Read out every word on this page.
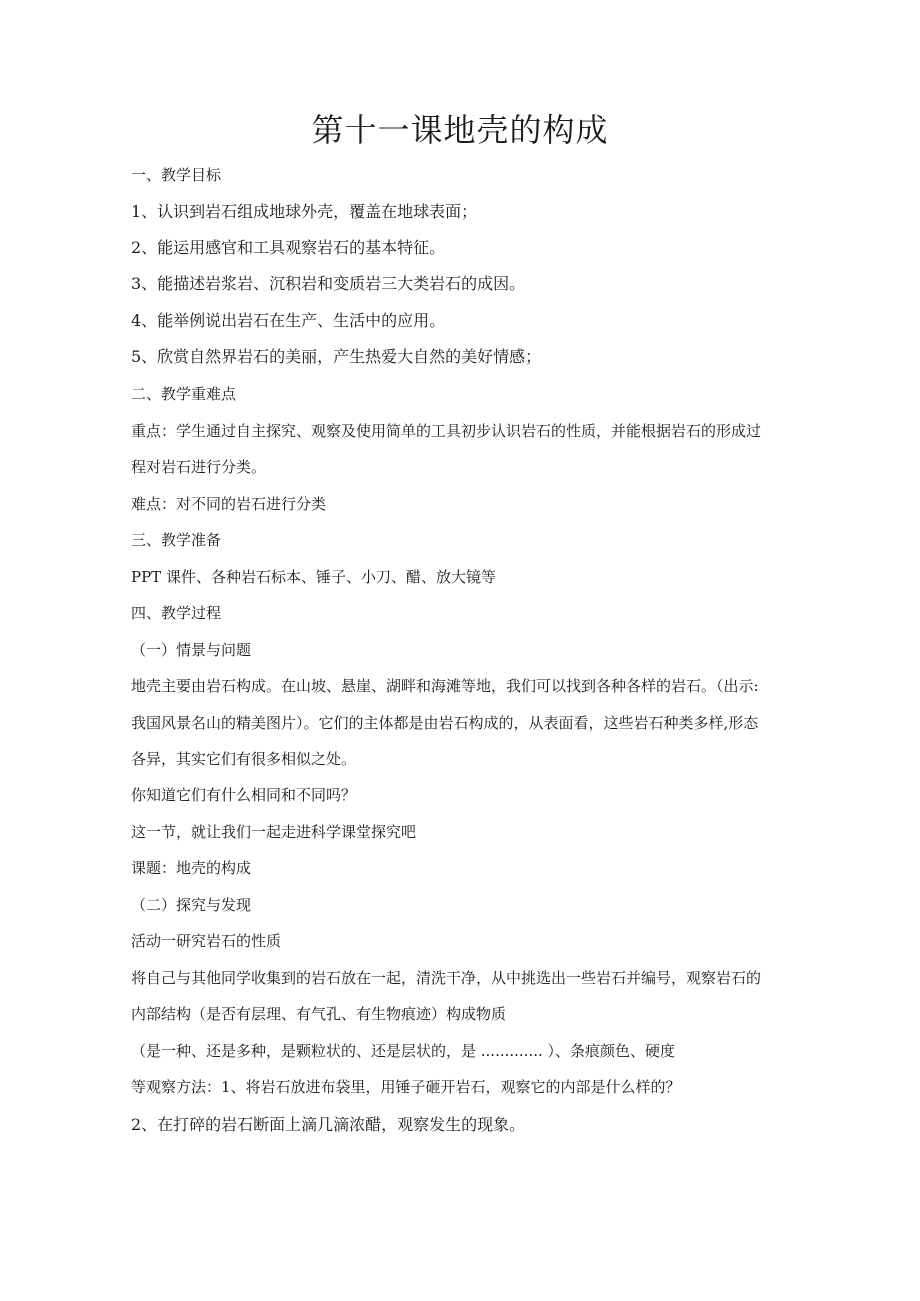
第十一课地壳的构成
一、教学目标
1、认识到岩石组成地球外壳，覆盖在地球表面；
2、能运用感官和工具观察岩石的基本特征。
3、能描述岩浆岩、沉积岩和变质岩三大类岩石的成因。
4、能举例说出岩石在生产、生活中的应用。
5、欣赏自然界岩石的美丽，产生热爱大自然的美好情感；
二、教学重难点
重点：学生通过自主探究、观察及使用简单的工具初步认识岩石的性质，并能根据岩石的形成过
程对岩石进行分类。
难点：对不同的岩石进行分类
三、教学准备
PPT 课件、各种岩石标本、锤子、小刀、醋、放大镜等
四、教学过程
（一）情景与问题
地壳主要由岩石构成。在山坡、悬崖、湖畔和海滩等地，我们可以找到各种各样的岩石。（出示:
我国风景名山的精美图片）。它们的主体都是由岩石构成的，从表面看，这些岩石种类多样,形态
各异，其实它们有很多相似之处。
你知道它们有什么相同和不同吗？
这一节，就让我们一起走进科学课堂探究吧
课题：地壳的构成
（二）探究与发现
活动一研究岩石的性质
将自己与其他同学收集到的岩石放在一起，清洗干净，从中挑选出一些岩石并编号，观察岩石的
内部结构（是否有层理、有气孔、有生物痕迹）构成物质
（是一种、还是多种，是颗粒状的、还是层状的，是 ............. ）、条痕颜色、硬度
等观察方法：1、将岩石放进布袋里，用锤子砸开岩石，观察它的内部是什么样的？
2、在打碎的岩石断面上滴几滴浓醋，观察发生的现象。
